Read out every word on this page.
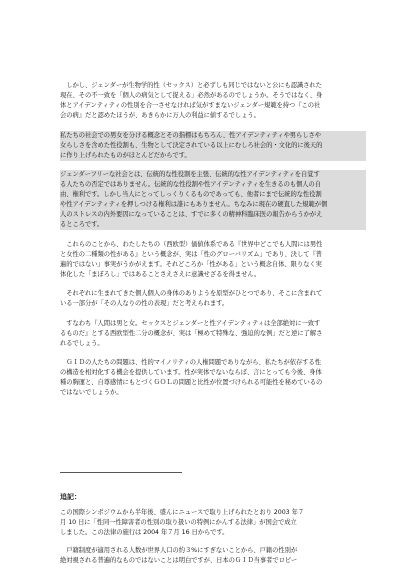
　しかし、ジェンダーが生物学的性（セックス）と必ずしも同じではないと公にも認識された
現在、その不一致を「個人の病気として捉える」必然があるのでしょうか。そうではなく、身
体とアイデンティティの性別を合一させなければ気がすまないジェンダー規範を持つ『この社
会の病』だと認めたほうが、あきらかに万人の利益に値するでしょう。
私たちの社会での男女を分ける概念とその指標はもちろん、性アイデンティティや男らしさや
女らしさを含めた性役割も、生物として決定されている以上にむしろ社会的・文化的に後天的
に作り上げられたものがほとんどだからです。
ジェンダーフリーな社会とは、伝統的な性役割を主張、伝統的な性アイデンティティを自覚す
る人たちの否定ではありません。伝統的な性役割や性アイデンティティを生きるのも個人の自
由、権利です。しかし当人にとってしっくりくるものであっても、他者にまで伝統的な性役割
や性アイデンティティを押しつける権利は誰にもありません。ちなみに現在の硬直した規範が個
人のストレスの内外要因になっていることは、すでに多くの精神科臨床医の報告からうかがえ
るところです。
　これらのことから、わたしたちの（西欧型）価値体系である『世界中どこでも人間には男性
と女性の二種類の性がある』という概念が、実は「性のグローバリズム」であり、決して『普
遍的ではない』事実がうかがえます。それどころか「性がある」という概念自体、限りなく実
体化した「まぼろし」ではあることさえさえに意識せざるを得ません。
　それぞれに生まれてきた個人個人の身体のありようを原型がひとつであり、そこに含まれて
いる一部分が「その人なりの性の表現」だと考えられます。
　すなわち『人間は男と女。セックスとジェンダーと性アイデンティティは全部絶対に一致す
るものだ』とする西欧型性二分の概念が、実は「極めて特殊な、強迫的な例」だと逆に了解さ
れるでしょう。
　ＧＩＤの人たちの問題は、性的マイノリティの人権問題でありながら、私たちが依存する性
の構造を相対化する機会を提供しています。性が実体でないならば、言にとっても今後、身体
種の胸運と、自尊感情にもとづくＧＯＬの問題と比性が位置づけられる可能性を秘めているの
ではないでしょうか。
追記：
この国際シンポジウムから半年後、盛んにニュースで取り上げられたとおり 2003 年７
月 10 日に「性同一性障害者の性別の取り扱いの特例にかんする法律」が国会で成立
しました。この法律の施行は 2004 年７月 16 日からです。
　戸籍制度が適用される人数が世界人口の約３%にすぎないことから、戸籍の性別が
絶対視される普遍的なものではないことは明白ですが、日本のＧＩＤ当事者でロビー
